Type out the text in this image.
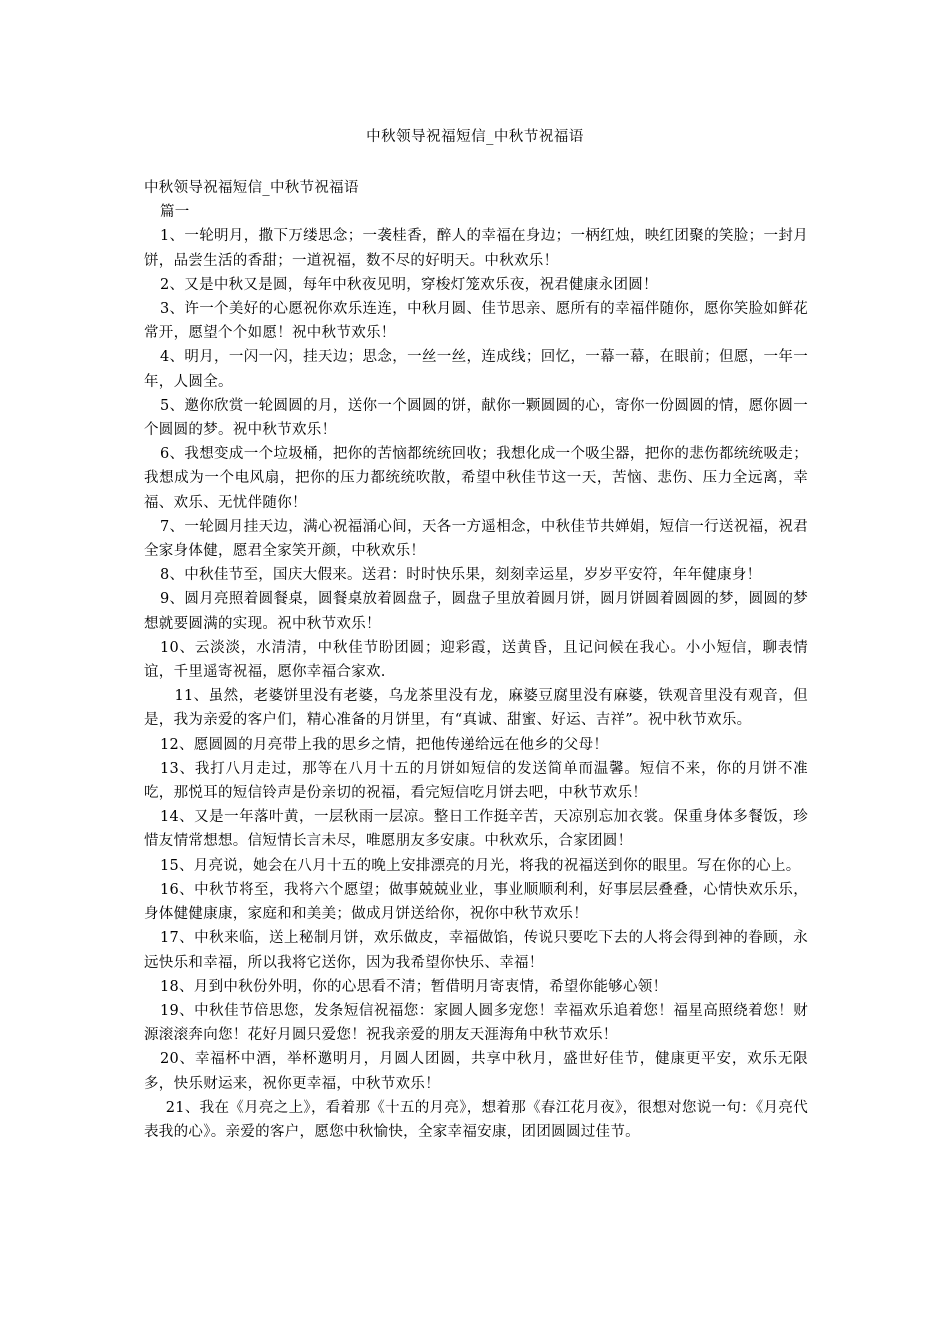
中秋领导祝福短信_中秋节祝福语

中秋领导祝福短信_中秋节祝福语

篇一

1、一轮明月，撒下万缕思念；一袭桂香，醉人的幸福在身边；一柄红烛，映红团聚的笑脸；一封月饼，品尝生活的香甜；一道祝福，数不尽的好明天。中秋欢乐！

2、又是中秋又是圆，每年中秋夜见明，穿梭灯笼欢乐夜，祝君健康永团圆！

3、许一个美好的心愿祝你欢乐连连，中秋月圆、佳节思亲、愿所有的幸福伴随你，愿你笑脸如鲜花常开，愿望个个如愿！祝中秋节欢乐！

4、明月，一闪一闪，挂天边；思念，一丝一丝，连成线；回忆，一幕一幕，在眼前；但愿，一年一年，人圆全。

5、邀你欣赏一轮圆圆的月，送你一个圆圆的饼，献你一颗圆圆的心，寄你一份圆圆的情，愿你圆一个圆圆的梦。祝中秋节欢乐！

6、我想变成一个垃圾桶，把你的苦恼都统统回收；我想化成一个吸尘器，把你的悲伤都统统吸走；我想成为一个电风扇，把你的压力都统统吹散，希望中秋佳节这一天，苦恼、悲伤、压力全远离，幸福、欢乐、无忧伴随你！

7、一轮圆月挂天边，满心祝福涌心间，天各一方遥相念，中秋佳节共婵娟，短信一行送祝福，祝君全家身体健，愿君全家笑开颜，中秋欢乐！

8、中秋佳节至，国庆大假来。送君：时时快乐果，刻刻幸运星，岁岁平安符，年年健康身！

9、圆月亮照着圆餐桌，圆餐桌放着圆盘子，圆盘子里放着圆月饼，圆月饼圆着圆圆的梦，圆圆的梦想就要圆满的实现。祝中秋节欢乐！

10、云淡淡，水清清，中秋佳节盼团圆；迎彩霞，送黄昏，且记问候在我心。小小短信，聊表情谊，千里遥寄祝福，愿你幸福合家欢.

11、虽然，老婆饼里没有老婆，乌龙茶里没有龙，麻婆豆腐里没有麻婆，铁观音里没有观音，但是，我为亲爱的客户们，精心准备的月饼里，有“真诚、甜蜜、好运、吉祥”。祝中秋节欢乐。

12、愿圆圆的月亮带上我的思乡之情，把他传递给远在他乡的父母！

13、我打八月走过，那等在八月十五的月饼如短信的发送简单而温馨。短信不来，你的月饼不准吃，那悦耳的短信铃声是份亲切的祝福，看完短信吃月饼去吧，中秋节欢乐！

14、又是一年落叶黄，一层秋雨一层凉。整日工作挺辛苦，天凉别忘加衣裳。保重身体多餐饭，珍惜友情常想想。信短情长言未尽，唯愿朋友多安康。中秋欢乐，合家团圆！

15、月亮说，她会在八月十五的晚上安排漂亮的月光，将我的祝福送到你的眼里。写在你的心上。

16、中秋节将至，我将六个愿望；做事兢兢业业，事业顺顺利利，好事层层叠叠，心情快欢乐乐，身体健健康康，家庭和和美美；做成月饼送给你，祝你中秋节欢乐！

17、中秋来临，送上秘制月饼，欢乐做皮，幸福做馅，传说只要吃下去的人将会得到神的眷顾，永远快乐和幸福，所以我将它送你，因为我希望你快乐、幸福！

18、月到中秋份外明，你的心思看不清；暂借明月寄衷情，希望你能够心领！

19、中秋佳节倍思您，发条短信祝福您：家圆人圆多宠您！幸福欢乐追着您！福星高照绕着您！财源滚滚奔向您！花好月圆只爱您！祝我亲爱的朋友天涯海角中秋节欢乐！

20、幸福杯中酒，举杯邀明月，月圆人团圆，共享中秋月，盛世好佳节，健康更平安，欢乐无限多，快乐财运来，祝你更幸福，中秋节欢乐！

21、我在《月亮之上》，看着那《十五的月亮》，想着那《春江花月夜》，很想对您说一句：《月亮代表我的心》。亲爱的客户，愿您中秋愉快，全家幸福安康，团团圆圆过佳节。
